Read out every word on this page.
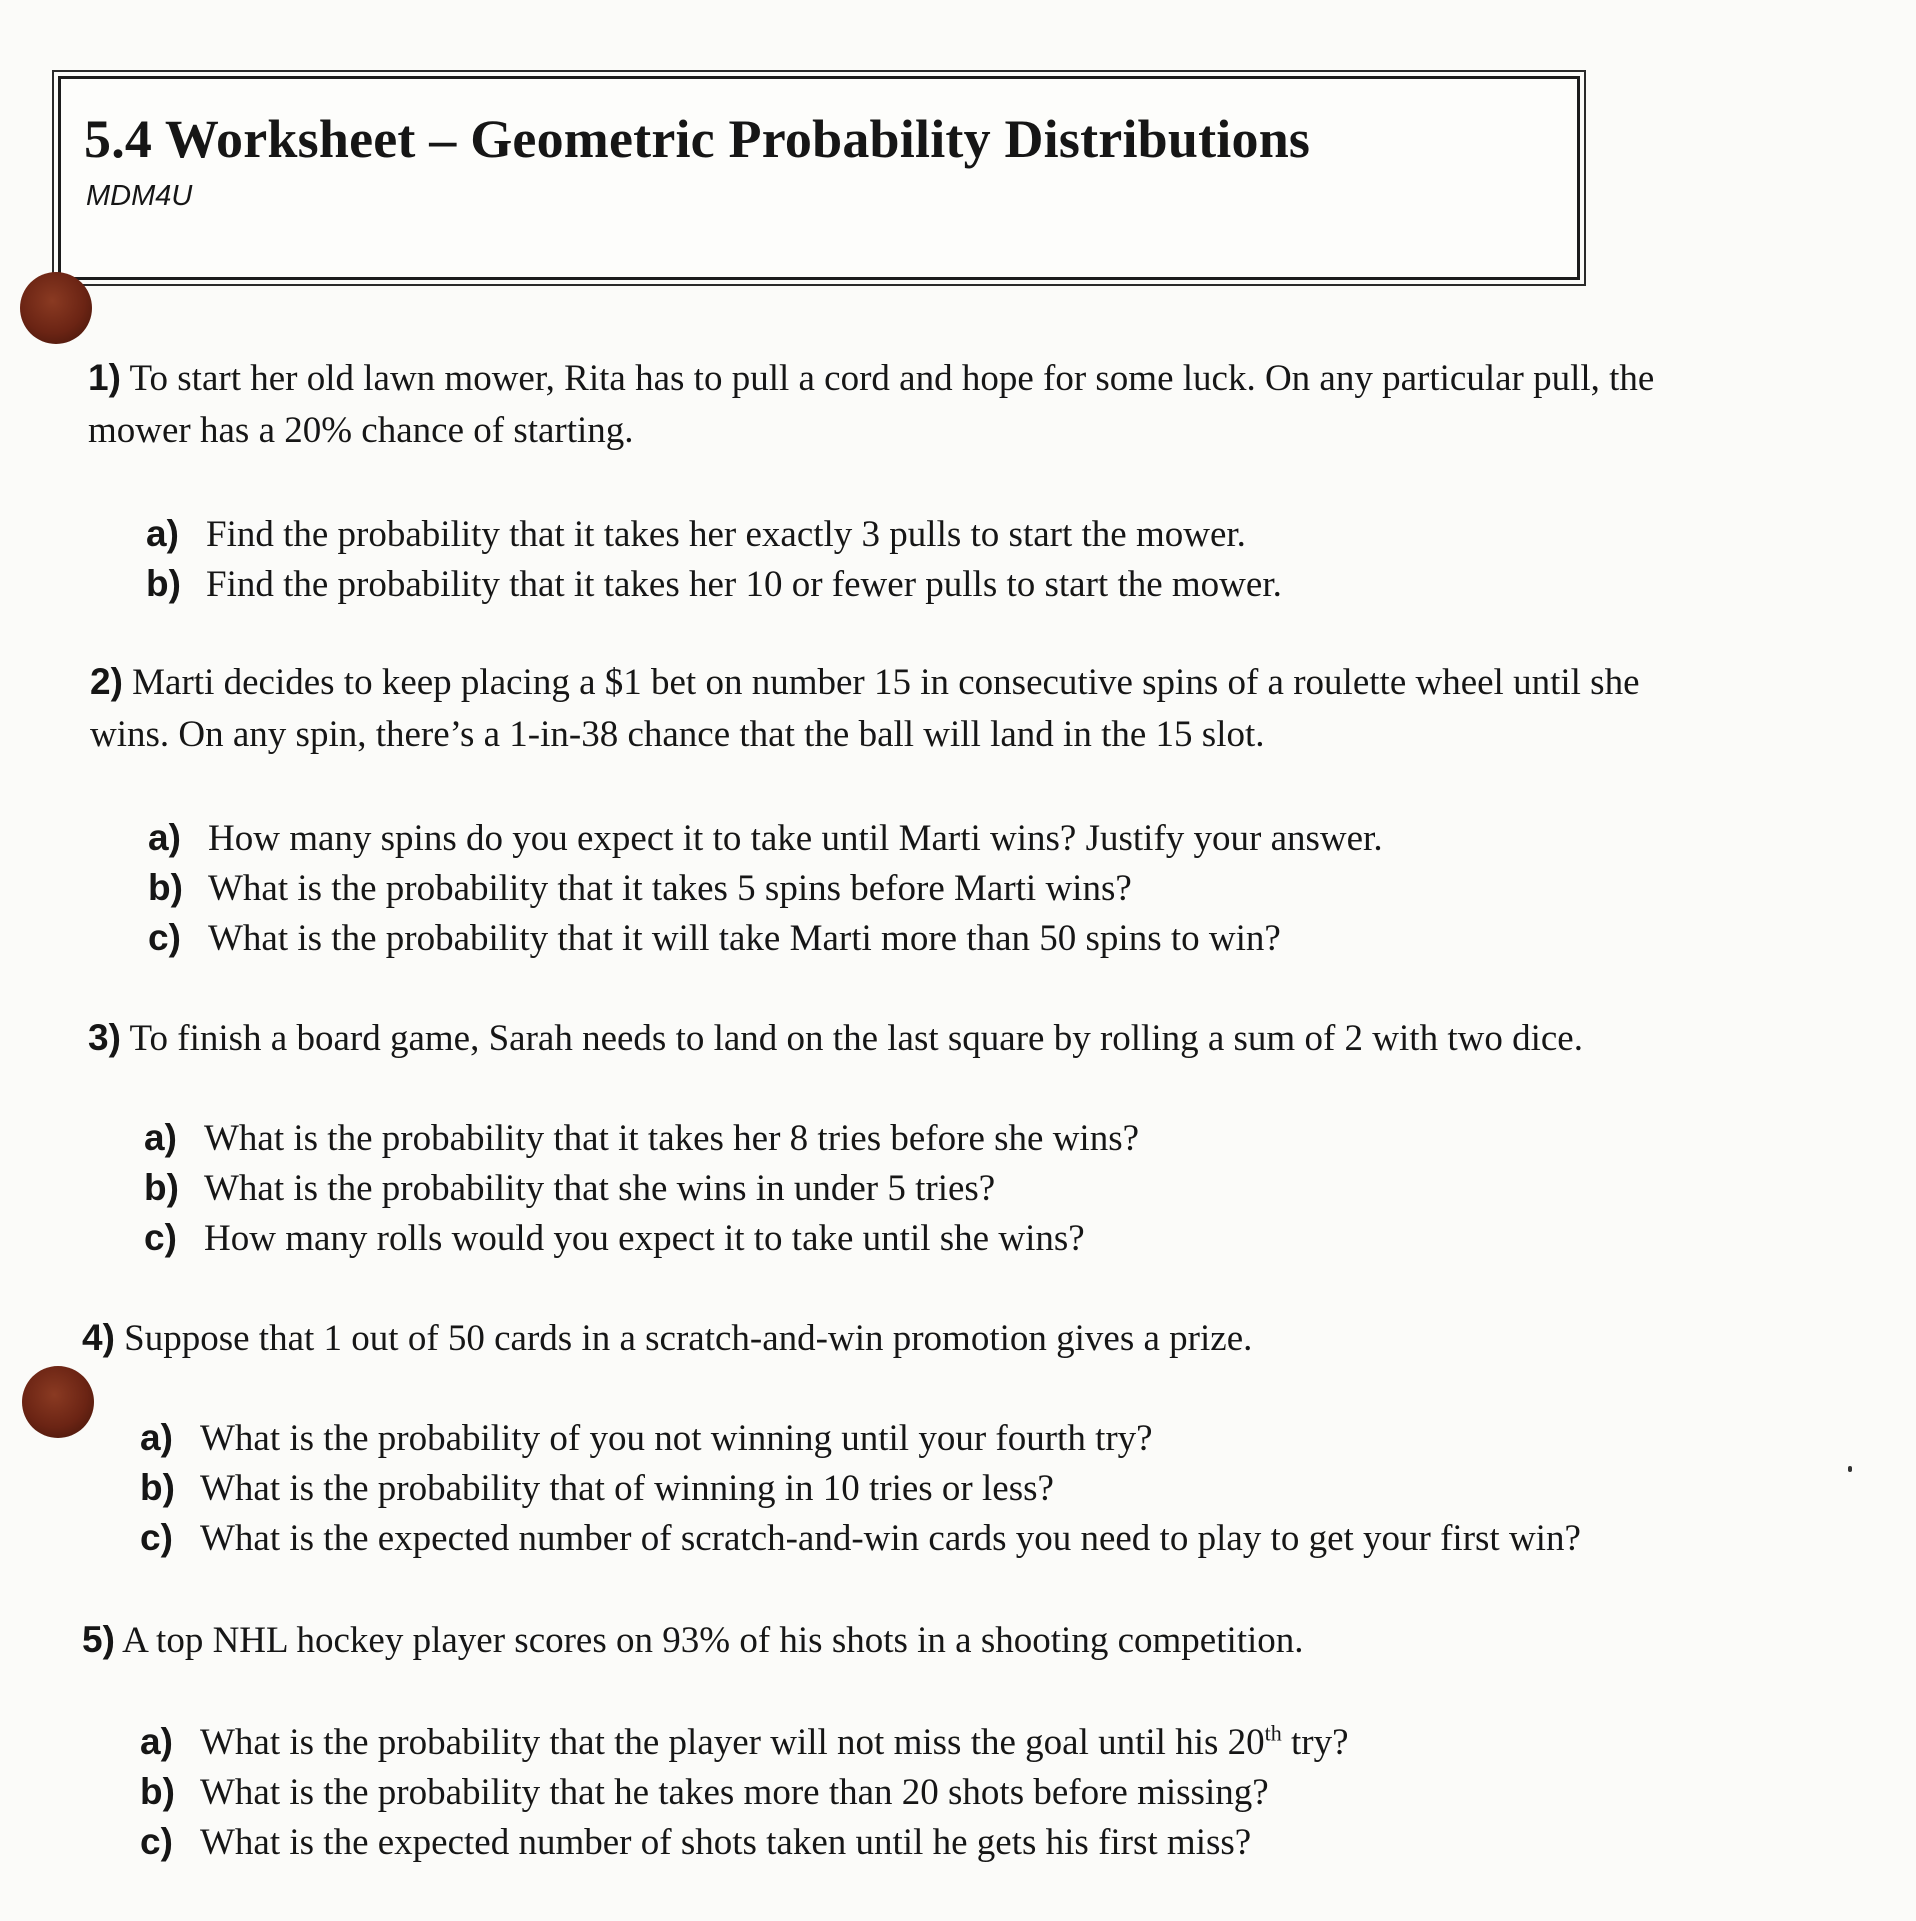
5.4 Worksheet – Geometric Probability Distributions
MDM4U
1) To start her old lawn mower, Rita has to pull a cord and hope for some luck. On any particular pull, the
mower has a 20% chance of starting.
a) Find the probability that it takes her exactly 3 pulls to start the mower.
b) Find the probability that it takes her 10 or fewer pulls to start the mower.
2) Marti decides to keep placing a $1 bet on number 15 in consecutive spins of a roulette wheel until she
wins. On any spin, there’s a 1-in-38 chance that the ball will land in the 15 slot.
a) How many spins do you expect it to take until Marti wins? Justify your answer.
b) What is the probability that it takes 5 spins before Marti wins?
c) What is the probability that it will take Marti more than 50 spins to win?
3) To finish a board game, Sarah needs to land on the last square by rolling a sum of 2 with two dice.
a) What is the probability that it takes her 8 tries before she wins?
b) What is the probability that she wins in under 5 tries?
c) How many rolls would you expect it to take until she wins?
4) Suppose that 1 out of 50 cards in a scratch-and-win promotion gives a prize.
a) What is the probability of you not winning until your fourth try?
b) What is the probability that of winning in 10 tries or less?
c) What is the expected number of scratch-and-win cards you need to play to get your first win?
5) A top NHL hockey player scores on 93% of his shots in a shooting competition.
a) What is the probability that the player will not miss the goal until his 20th try?
b) What is the probability that he takes more than 20 shots before missing?
c) What is the expected number of shots taken until he gets his first miss?
